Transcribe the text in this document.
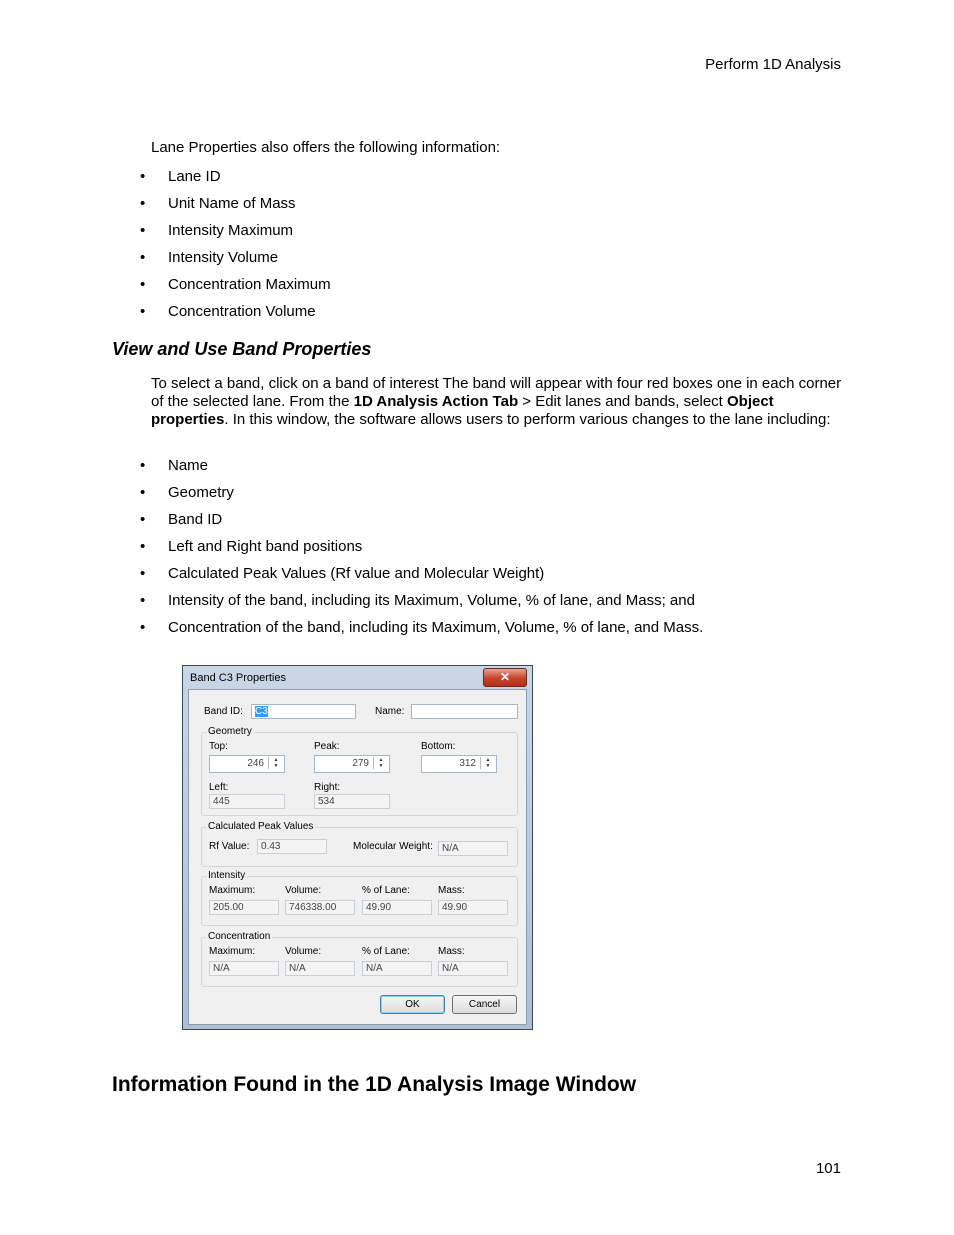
Perform 1D Analysis
Lane Properties also offers the following information:
• Lane ID
• Unit Name of Mass
• Intensity Maximum
• Intensity Volume
• Concentration Maximum
• Concentration Volume
View and Use Band Properties
To select a band, click on a band of interest The band will appear with four red boxes one in each corner of the selected lane. From the 1D Analysis Action Tab > Edit lanes and bands, select Object properties. In this window, the software allows users to perform various changes to the lane including:
• Name
• Geometry
• Band ID
• Left and Right band positions
• Calculated Peak Values (Rf value and Molecular Weight)
• Intensity of the band, including its Maximum, Volume, % of lane, and Mass; and
• Concentration of the band, including its Maximum, Volume, % of lane, and Mass.
Band C3 Properties	✕
Band ID:	C3	Name:
Geometry
Top:
246	▲
▼
Peak:
279	▲
▼
Bottom:
312	▲
▼
Left:
445
Right:
534
Calculated Peak Values
Rf Value:	0.43	Molecular Weight: N/A
Intensity
Maximum:
205.00
Volume:
746338.00
% of Lane:
49.90
Mass:
49.90
Concentration
Maximum:
N/A
Volume:
N/A
% of Lane:
N/A
Mass:
N/A
OK	Cancel
Information Found in the 1D Analysis Image Window
101
